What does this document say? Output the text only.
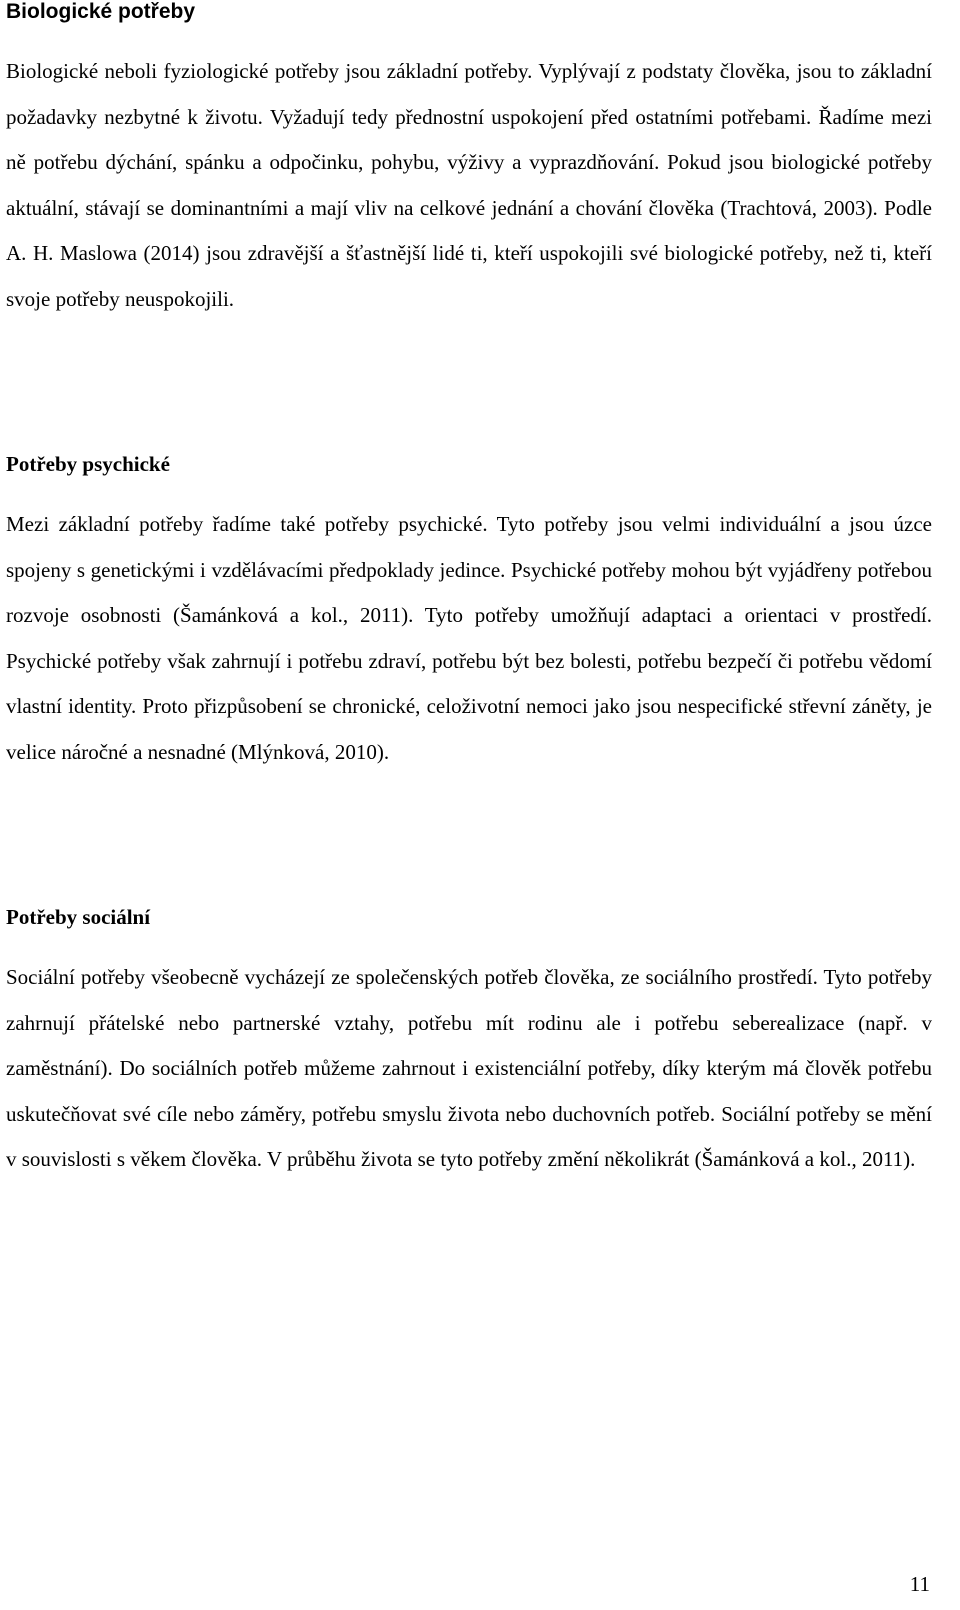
Biologické potřeby

Biologické neboli fyziologické potřeby jsou základní potřeby. Vyplývají z podstaty člověka, jsou to základní požadavky nezbytné k životu. Vyžadují tedy přednostní uspokojení před ostatními potřebami. Řadíme mezi ně potřebu dýchání, spánku a odpočinku, pohybu, výživy a vyprazdňování. Pokud jsou biologické potřeby aktuální, stávají se dominantními a mají vliv na celkové jednání a chování člověka (Trachtová, 2003). Podle A. H. Maslowa (2014) jsou zdravější a šťastnější lidé ti, kteří uspokojili své biologické potřeby, než ti, kteří svoje potřeby neuspokojili.

Potřeby psychické

Mezi základní potřeby řadíme také potřeby psychické. Tyto potřeby jsou velmi individuální a jsou úzce spojeny s genetickými i vzdělávacími předpoklady jedince. Psychické potřeby mohou být vyjádřeny potřebou rozvoje osobnosti (Šamánková a kol., 2011). Tyto potřeby umožňují adaptaci a orientaci v prostředí. Psychické potřeby však zahrnují i potřebu zdraví, potřebu být bez bolesti, potřebu bezpečí či potřebu vědomí vlastní identity. Proto přizpůsobení se chronické, celoživotní nemoci jako jsou nespecifické střevní záněty, je velice náročné a nesnadné (Mlýnková, 2010).

Potřeby sociální

Sociální potřeby všeobecně vycházejí ze společenských potřeb člověka, ze sociálního prostředí. Tyto potřeby zahrnují přátelské nebo partnerské vztahy, potřebu mít rodinu ale i potřebu seberealizace (např. v zaměstnání). Do sociálních potřeb můžeme zahrnout i existenciální potřeby, díky kterým má člověk potřebu uskutečňovat své cíle nebo záměry, potřebu smyslu života nebo duchovních potřeb. Sociální potřeby se mění v souvislosti s věkem člověka. V průběhu života se tyto potřeby změní několikrát (Šamánková a kol., 2011).

11
